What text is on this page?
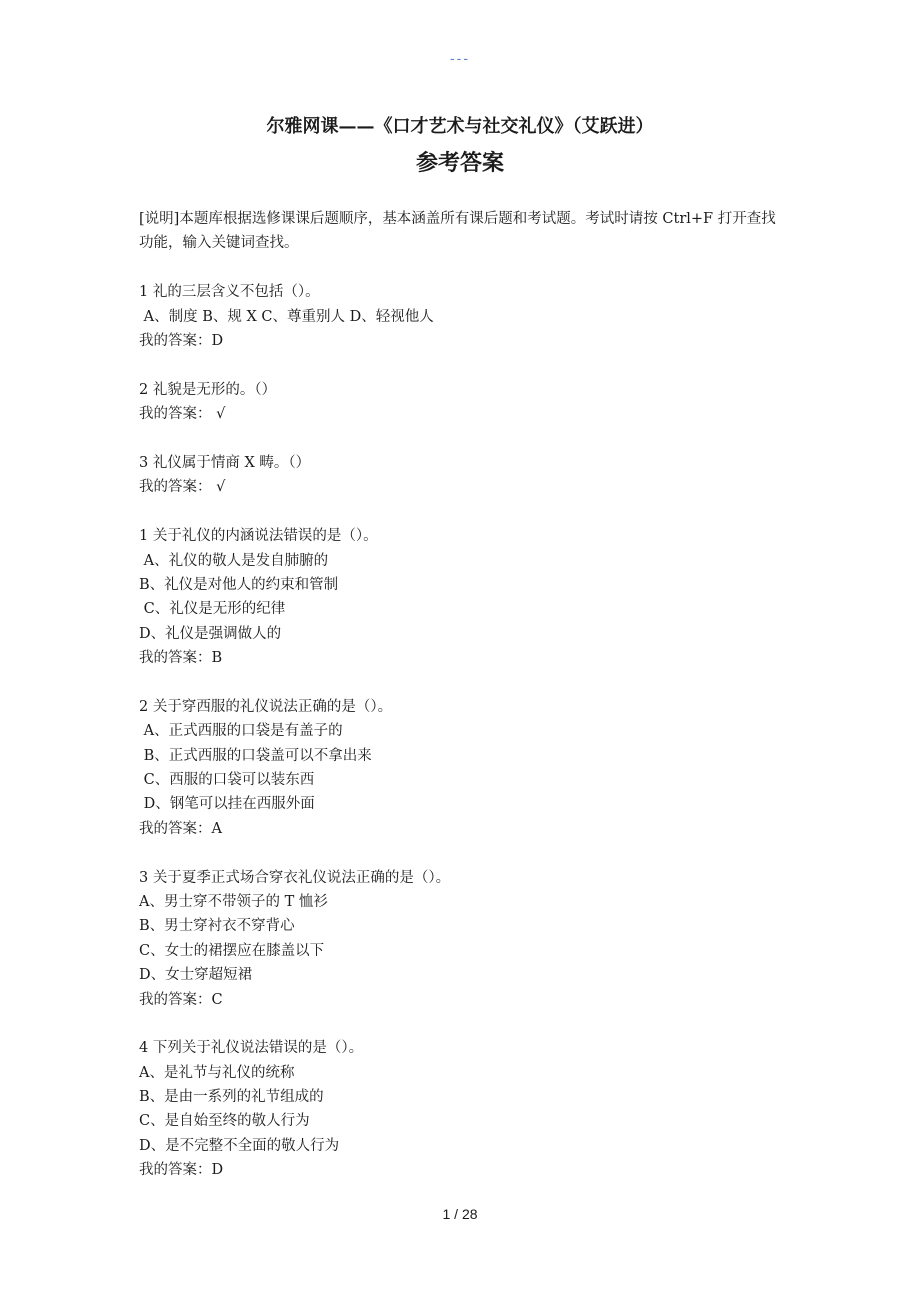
---
尔雅网课——《口才艺术与社交礼仪》（艾跃进）
参考答案
[说明]本题库根据选修课课后题顺序，基本涵盖所有课后题和考试题。考试时请按 Ctrl+F 打开查找功能，输入关键词查找。
1 礼的三层含义不包括（）。
A、制度 B、规 X C、尊重别人 D、轻视他人
我的答案：D
2 礼貌是无形的。（）
我的答案： √
3 礼仪属于情商 X 畴。（）
我的答案： √
1 关于礼仪的内涵说法错误的是（）。
A、礼仪的敬人是发自肺腑的
B、礼仪是对他人的约束和管制
C、礼仪是无形的纪律
D、礼仪是强调做人的
我的答案：B
2 关于穿西服的礼仪说法正确的是（）。
A、正式西服的口袋是有盖子的
B、正式西服的口袋盖可以不拿出来
C、西服的口袋可以装东西
D、钢笔可以挂在西服外面
我的答案：A
3 关于夏季正式场合穿衣礼仪说法正确的是（）。
A、男士穿不带领子的 T 恤衫
B、男士穿衬衣不穿背心
C、女士的裙摆应在膝盖以下
D、女士穿超短裙
我的答案：C
4 下列关于礼仪说法错误的是（）。
A、是礼节与礼仪的统称
B、是由一系列的礼节组成的
C、是自始至终的敬人行为
D、是不完整不全面的敬人行为
我的答案：D
1 / 28
